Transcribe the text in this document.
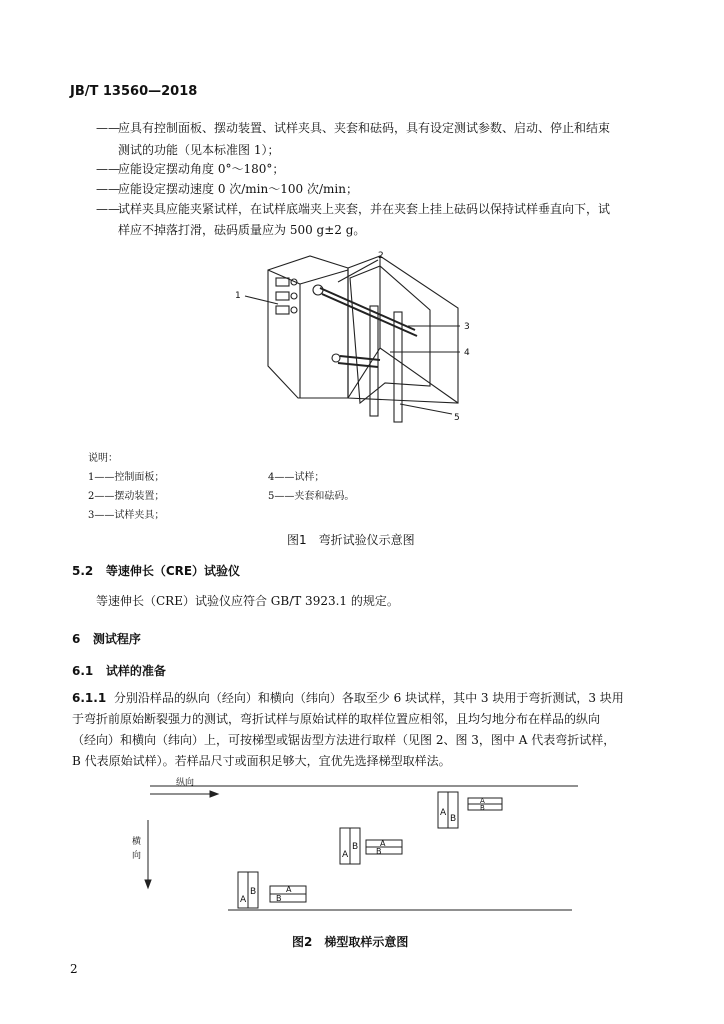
JB/T 13560—2018
——应具有控制面板、摆动装置、试样夹具、夹套和砝码，具有设定测试参数、启动、停止和结束
测试的功能（见本标准图 1）；
——应能设定摆动角度 0°～180°；
——应能设定摆动速度 0 次/min～100 次/min；
——试样夹具应能夹紧试样，在试样底端夹上夹套，并在夹套上挂上砝码以保持试样垂直向下，试
样应不掉落打滑，砝码质量应为 500 g±2 g。
1
2
3
4
5
说明：
1——控制面板；
2——摆动装置；
3——试样夹具；
4——试样；
5——夹套和砝码。
图1　弯折试验仪示意图
5.2 等速伸长（CRE）试验仪
等速伸长（CRE）试验仪应符合 GB/T 3923.1 的规定。
6 测试程序
6.1 试样的准备
6.1.1 分别沿样品的纵向（经向）和横向（纬向）各取至少 6 块试样，其中 3 块用于弯折测试，3 块用
于弯折前原始断裂强力的测试，弯折试样与原始试样的取样位置应相邻，且均匀地分布在样品的纵向
（经向）和横向（纬向）上，可按梯型或锯齿型方法进行取样（见图 2、图 3，图中 A 代表弯折试样，
B 代表原始试样）。若样品尺寸或面积足够大，宜优先选择梯型取样法。
纵向
横
向
A
B
A
B
A
B	A
B
A
B	A
B
图2　梯型取样示意图
2
